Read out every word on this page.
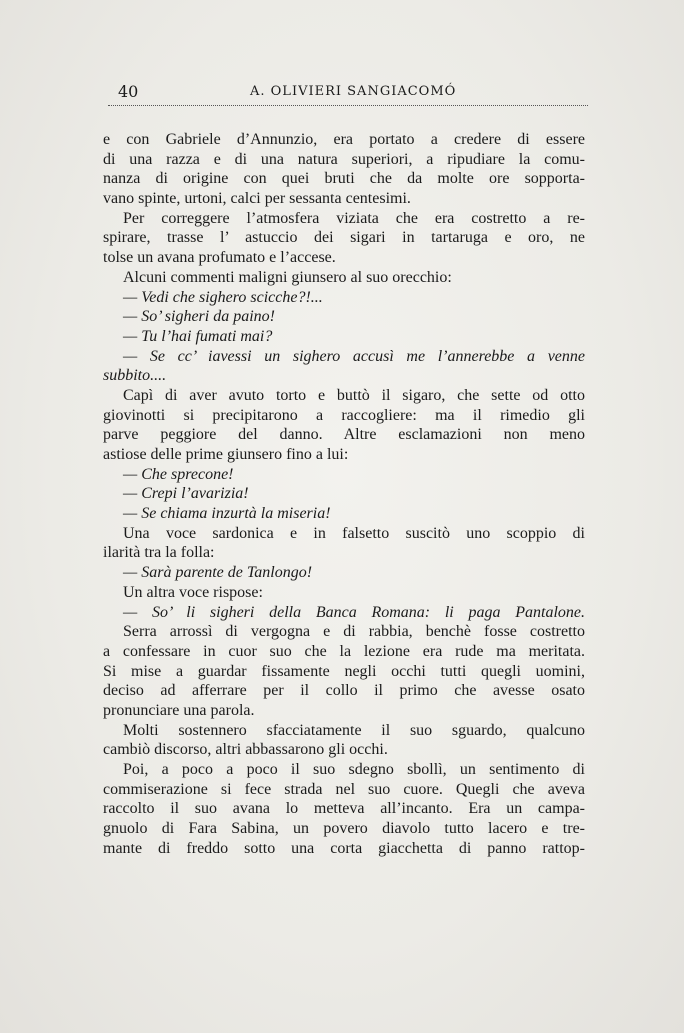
40	A. OLIVIERI SANGIACOMÓ
e con Gabriele d’Annunzio, era portato a credere di essere
di una razza e di una natura superiori, a ripudiare la comu-
nanza di origine con quei bruti che da molte ore sopporta-
vano spinte, urtoni, calci per sessanta centesimi.
Per correggere l’atmosfera viziata che era costretto a re-
spirare, trasse l’ astuccio dei sigari in tartaruga e oro, ne
tolse un avana profumato e l’accese.
Alcuni commenti maligni giunsero al suo orecchio:
— Vedi che sighero scicche?!...
— So’ sigheri da paino!
— Tu l’hai fumati mai?
— Se cc’ iavessi un sighero accusì me l’annerebbe a venne
subbito....
Capì di aver avuto torto e buttò il sigaro, che sette od otto
giovinotti si precipitarono a raccogliere: ma il rimedio gli
parve peggiore del danno. Altre esclamazioni non meno
astiose delle prime giunsero fino a lui:
— Che sprecone!
— Crepi l’avarizia!
— Se chiama inzurtà la miseria!
Una voce sardonica e in falsetto suscitò uno scoppio di
ilarità tra la folla:
— Sarà parente de Tanlongo!
Un altra voce rispose:
— So’ li sigheri della Banca Romana: li paga Pantalone.
Serra arrossì di vergogna e di rabbia, benchè fosse costretto
a confessare in cuor suo che la lezione era rude ma meritata.
Si mise a guardar fissamente negli occhi tutti quegli uomini,
deciso ad afferrare per il collo il primo che avesse osato
pronunciare una parola.
Molti sostennero sfacciatamente il suo sguardo, qualcuno
cambiò discorso, altri abbassarono gli occhi.
Poi, a poco a poco il suo sdegno sbollì, un sentimento di
commiserazione si fece strada nel suo cuore. Quegli che aveva
raccolto il suo avana lo metteva all’incanto. Era un campa-
gnuolo di Fara Sabina, un povero diavolo tutto lacero e tre-
mante di freddo sotto una corta giacchetta di panno rattop-
